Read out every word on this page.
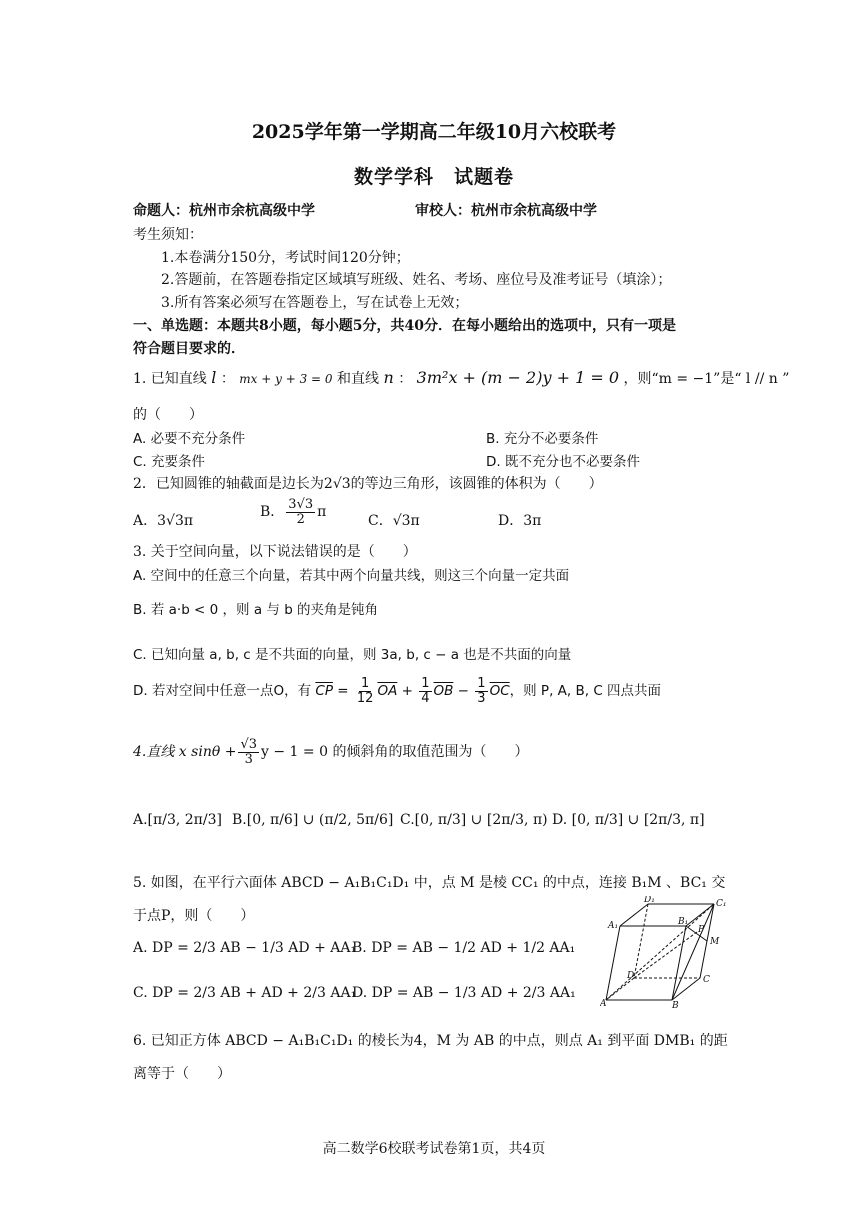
2025学年第一学期高二年级10月六校联考
数学学科　试题卷
命题人：杭州市余杭高级中学	审校人：杭州市余杭高级中学
考生须知：
1.本卷满分150分，考试时间120分钟；
2.答题前，在答题卷指定区域填写班级、姓名、考场、座位号及准考证号（填涂）；
3.所有答案必须写在答题卷上，写在试卷上无效；
一、单选题：本题共8小题，每小题5分，共40分．在每小题给出的选项中，只有一项是
符合题目要求的．
1. 已知直线 l ： mx + y + 3 = 0 和直线 n ： 3m²x + (m − 2)y + 1 = 0 ，则“m = −1”是“ l // n ”
的（　　）
A. 必要不充分条件	B. 充分不必要条件
C. 充要条件	D. 既不充分也不必要条件
2．已知圆锥的轴截面是边长为2√3的等边三角形，该圆锥的体积为（　　）
A．3√3π
B． $\frac{3√3}{2}$ π
C．√3π	D．3π
3. 关于空间向量，以下说法错误的是（　　）
A. 空间中的任意三个向量，若其中两个向量共线，则这三个向量一定共面
B. 若 a·b < 0 ，则 a 与 b 的夹角是钝角
C. 已知向量 a, b, c 是不共面的向量，则 3a, b, c − a 也是不共面的向量
D. 若对空间中任意一点O，有 $\overline{CP} = \frac{1}{12} \overline{OA} + \frac{1}{4} \overline{OB} - \frac{1}{3} \overline{OC}$，则 P, A, B, C 四点共面
4.直线 x $\sin\theta + \frac{√3}{3}$ y − 1 = 0 的倾斜角的取值范围为（　　）
A.[π/3, 2π/3] B.[0, π/6] ∪ (π/2, 5π/6] C.[0, π/3] ∪ [2π/3, π) D. [0, π/3] ∪ [2π/3, π]
5. 如图，在平行六面体 ABCD − A₁B₁C₁D₁ 中，点 M 是棱 CC₁ 的中点，连接 B₁M 、BC₁ 交
于点P，则（　　）
A. DP = 2/3 AB − 1/3 AD + AA₁
B. DP = AB − 1/2 AD + 1/2 AA₁
C. DP = 2/3 AB + AD + 2/3 AA₁
D. DP = AB − 1/3 AD + 2/3 AA₁
D₁
B₁
C₁
A₁	P
M
D	C
A	B
6. 已知正方体 ABCD − A₁B₁C₁D₁ 的棱长为4，M 为 AB 的中点，则点 A₁ 到平面 DMB₁ 的距
离等于（　　）
高二数学6校联考试卷第1页，共4页
